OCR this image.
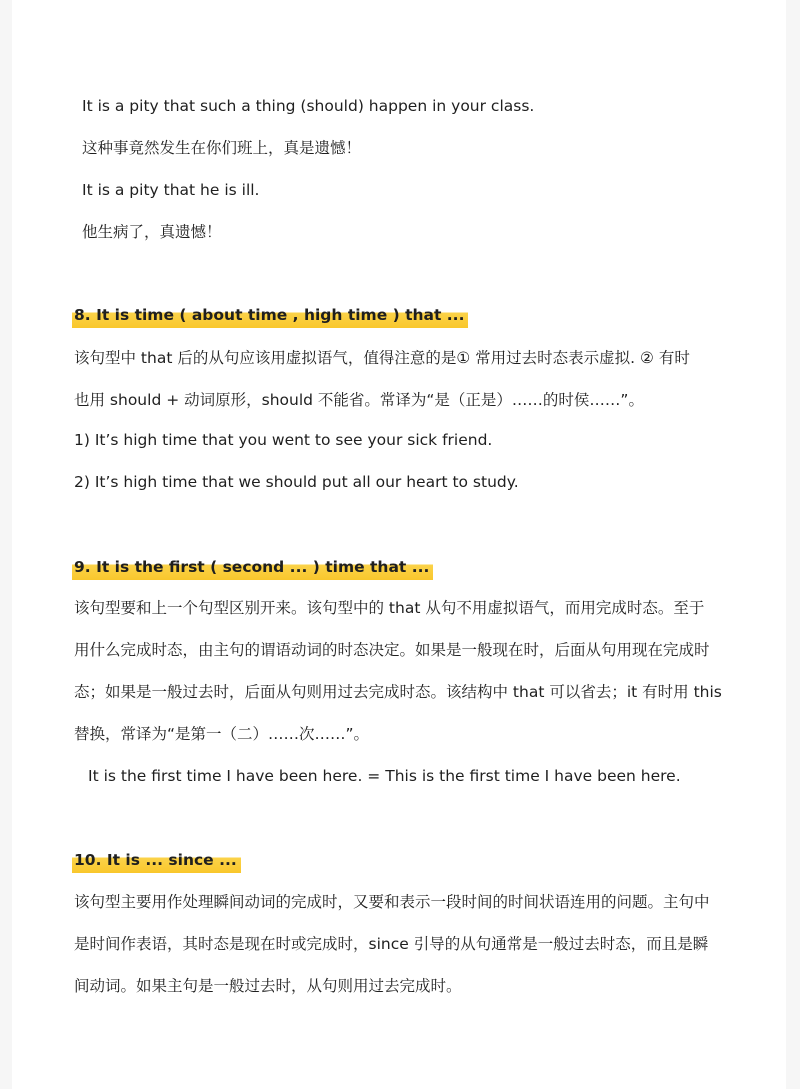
It is a pity that such a thing (should) happen in your class.

这种事竟然发生在你们班上，真是遗憾！

It is a pity that he is ill.

他生病了，真遗憾！

8. It is time ( about time , high time ) that ...

该句型中 that 后的从句应该用虚拟语气，值得注意的是① 常用过去时态表示虚拟. ② 有时

也用 should + 动词原形，should 不能省。常译为“是（正是）……的时侯……”。

1) It’s high time that you went to see your sick friend.

2) It’s high time that we should put all our heart to study.

9. It is the first ( second ... ) time that ...

该句型要和上一个句型区别开来。该句型中的 that 从句不用虚拟语气，而用完成时态。至于

用什么完成时态，由主句的谓语动词的时态决定。如果是一般现在时，后面从句用现在完成时

态；如果是一般过去时，后面从句则用过去完成时态。该结构中 that 可以省去；it 有时用 this

替换，常译为“是第一（二）……次……”。

It is the first time I have been here. = This is the first time I have been here.

10. It is ... since ...

该句型主要用作处理瞬间动词的完成时，又要和表示一段时间的时间状语连用的问题。主句中

是时间作表语，其时态是现在时或完成时，since 引导的从句通常是一般过去时态，而且是瞬

间动词。如果主句是一般过去时，从句则用过去完成时。
